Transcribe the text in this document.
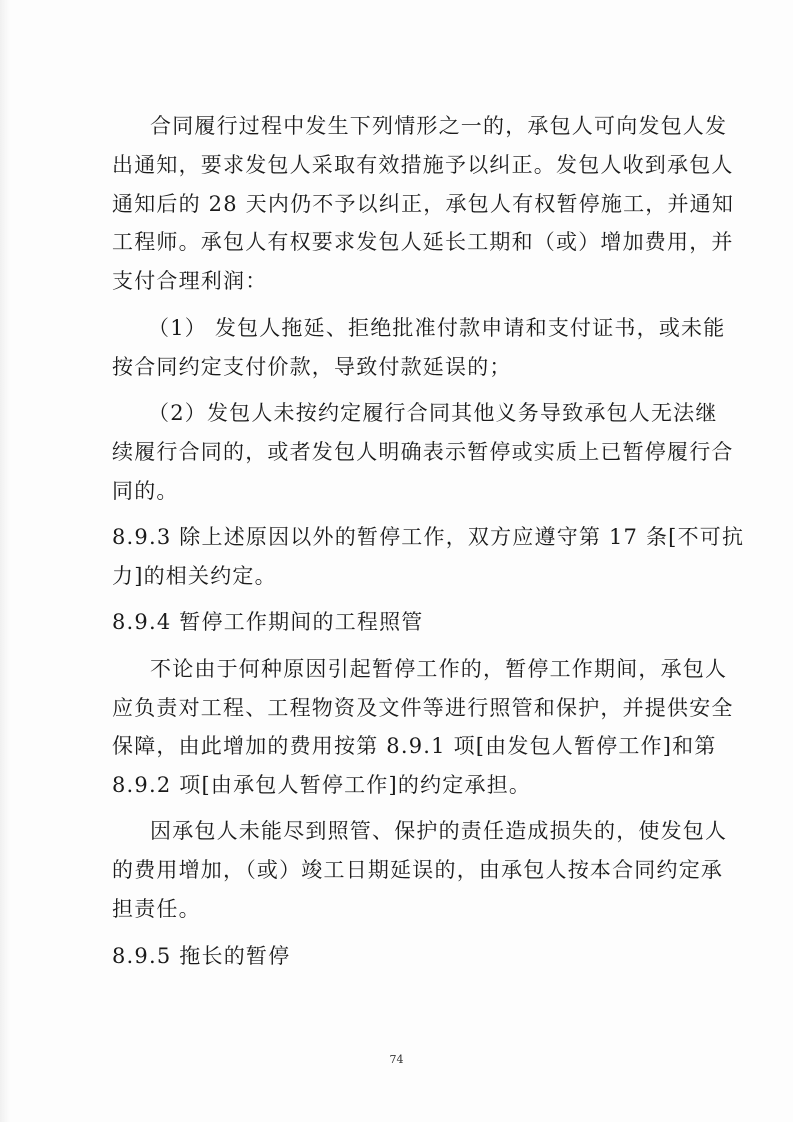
合同履行过程中发生下列情形之一的，承包人可向发包人发
出通知，要求发包人采取有效措施予以纠正。发包人收到承包人
通知后的 28 天内仍不予以纠正，承包人有权暂停施工，并通知
工程师。承包人有权要求发包人延长工期和（或）增加费用，并
支付合理利润：
（1） 发包人拖延、拒绝批准付款申请和支付证书，或未能
按合同约定支付价款，导致付款延误的；
（2）发包人未按约定履行合同其他义务导致承包人无法继
续履行合同的，或者发包人明确表示暂停或实质上已暂停履行合
同的。
8.9.3 除上述原因以外的暂停工作，双方应遵守第 17 条[不可抗
力]的相关约定。
8.9.4 暂停工作期间的工程照管
不论由于何种原因引起暂停工作的，暂停工作期间，承包人
应负责对工程、工程物资及文件等进行照管和保护，并提供安全
保障，由此增加的费用按第 8.9.1 项[由发包人暂停工作]和第
8.9.2 项[由承包人暂停工作]的约定承担。
因承包人未能尽到照管、保护的责任造成损失的，使发包人
的费用增加，（或）竣工日期延误的，由承包人按本合同约定承
担责任。
8.9.5 拖长的暂停
74
